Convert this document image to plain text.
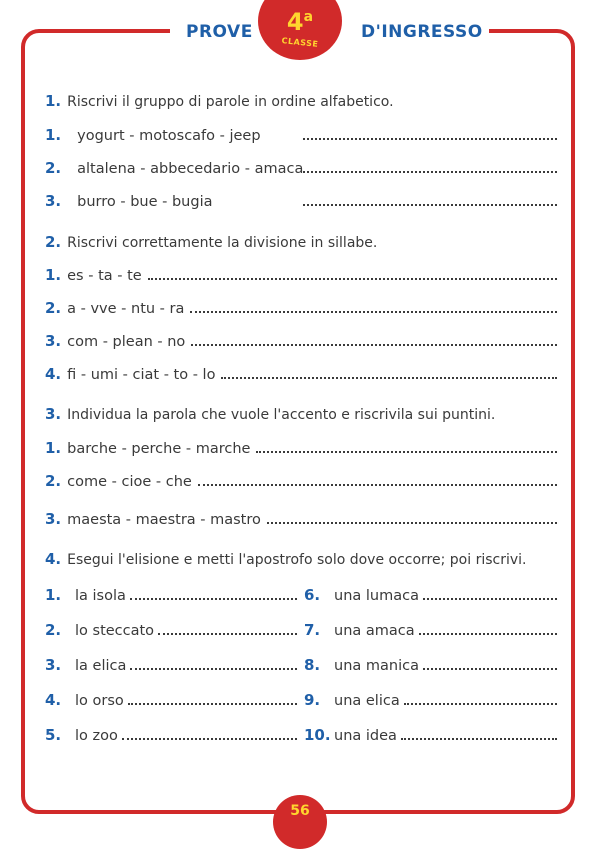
PROVE	D'INGRESSO
4$^a$
CLASSE
1. Riscrivi il gruppo di parole in ordine alfabetico.
1. yogurt - motoscafo - jeep
2. altalena - abbecedario - amaca
3. burro - bue - bugia
2. Riscrivi correttamente la divisione in sillabe.
1. es - ta - te
2. a - vve - ntu - ra
3. com - plean - no
4. fi - umi - ciat - to - lo
3. Individua la parola che vuole l'accento e riscrivila sui puntini.
1. barche - perche - marche
2. come - cioe - che
3. maesta - maestra - mastro
4. Esegui l'elisione e metti l'apostrofo solo dove occorre; poi riscrivi.
1. la isola
2. lo steccato
3. la elica
4. lo orso
5. lo zoo
6. una lumaca
7. una amaca
8. una manica
9. una elica
10. una idea
56
